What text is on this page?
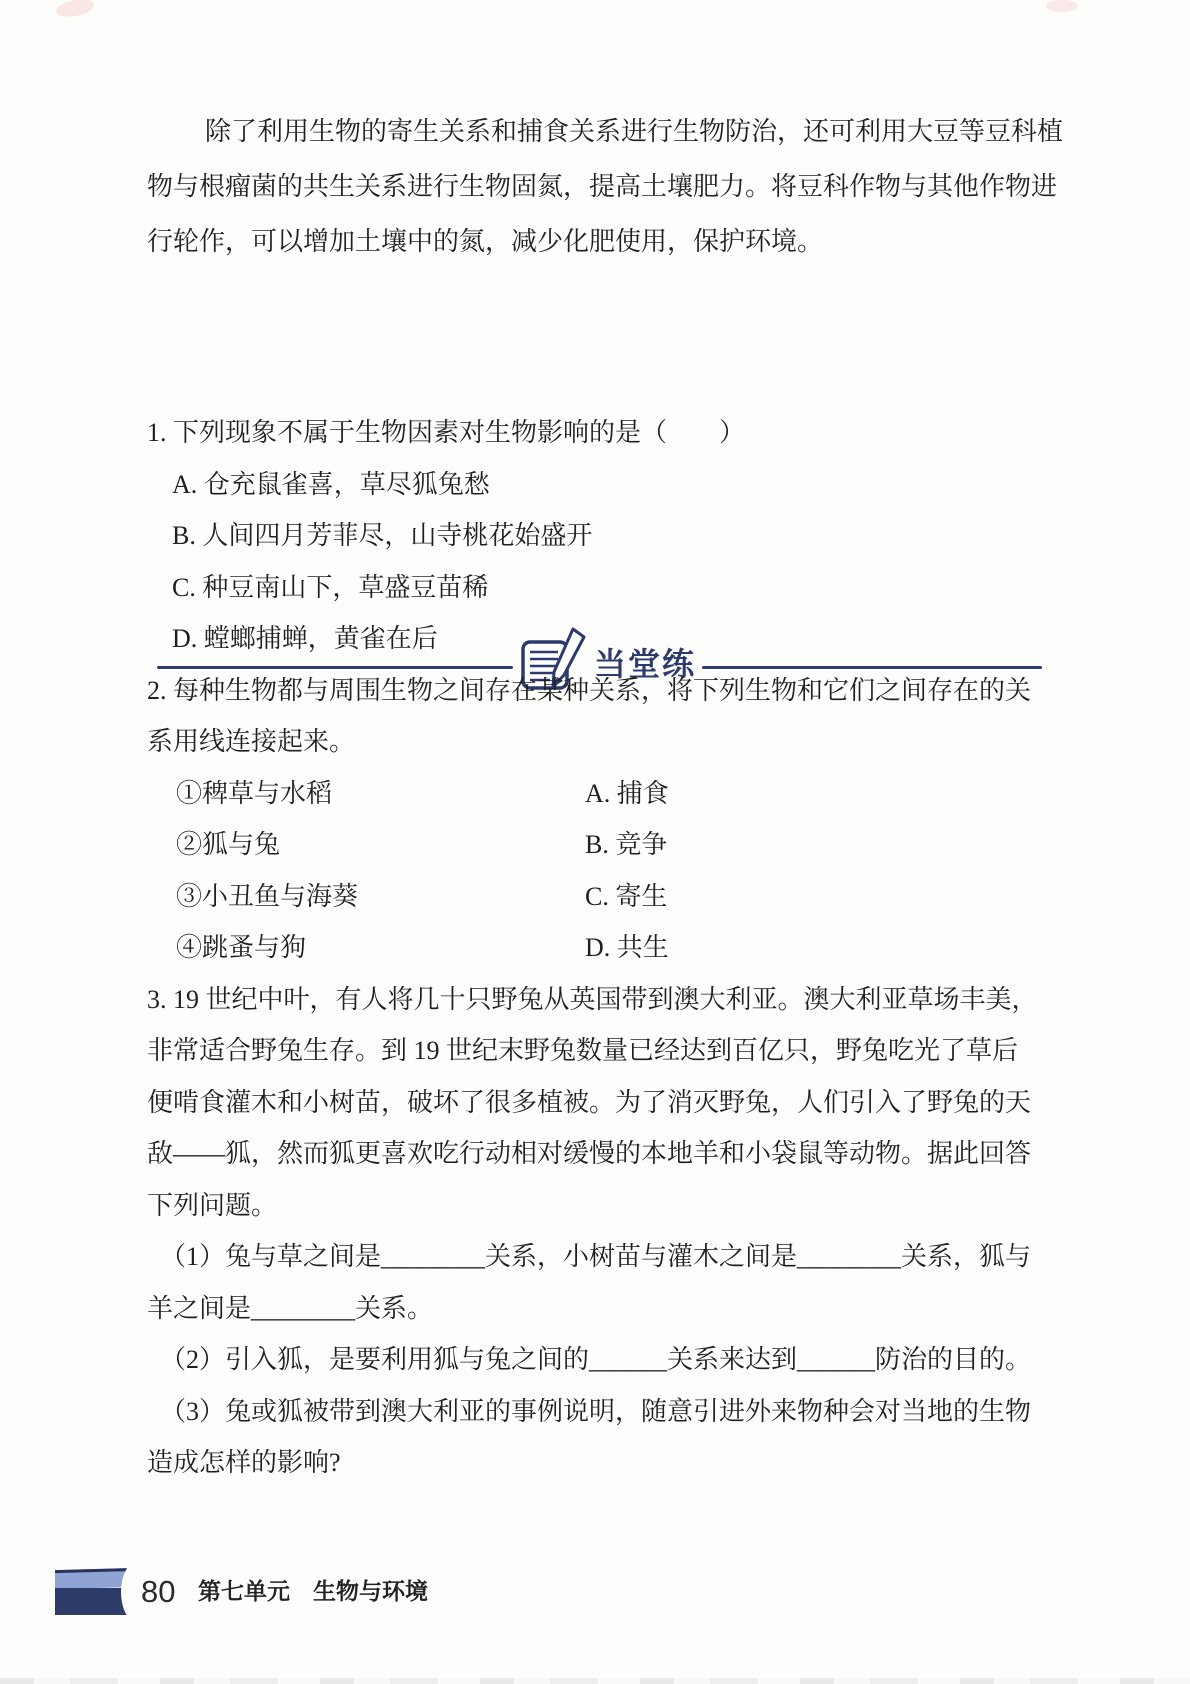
除了利用生物的寄生关系和捕食关系进行生物防治，还可利用大豆等豆科植
物与根瘤菌的共生关系进行生物固氮，提高土壤肥力。将豆科作物与其他作物进
行轮作，可以增加土壤中的氮，减少化肥使用，保护环境。
当堂练
1. 下列现象不属于生物因素对生物影响的是（　　）
A. 仓充鼠雀喜，草尽狐兔愁
B. 人间四月芳菲尽，山寺桃花始盛开
C. 种豆南山下，草盛豆苗稀
D. 螳螂捕蝉，黄雀在后
2. 每种生物都与周围生物之间存在某种关系，将下列生物和它们之间存在的关
系用线连接起来。
①稗草与水稻	A. 捕食
②狐与兔	B. 竞争
③小丑鱼与海葵	C. 寄生
④跳蚤与狗	D. 共生
3. 19 世纪中叶，有人将几十只野兔从英国带到澳大利亚。澳大利亚草场丰美，
非常适合野兔生存。到 19 世纪末野兔数量已经达到百亿只，野兔吃光了草后
便啃食灌木和小树苗，破坏了很多植被。为了消灭野兔，人们引入了野兔的天
敌——狐，然而狐更喜欢吃行动相对缓慢的本地羊和小袋鼠等动物。据此回答
下列问题。
（1）兔与草之间是________关系，小树苗与灌木之间是________关系，狐与
羊之间是________关系。
（2）引入狐，是要利用狐与兔之间的______关系来达到______防治的目的。
（3）兔或狐被带到澳大利亚的事例说明，随意引进外来物种会对当地的生物
造成怎样的影响?
80 第七单元　生物与环境
